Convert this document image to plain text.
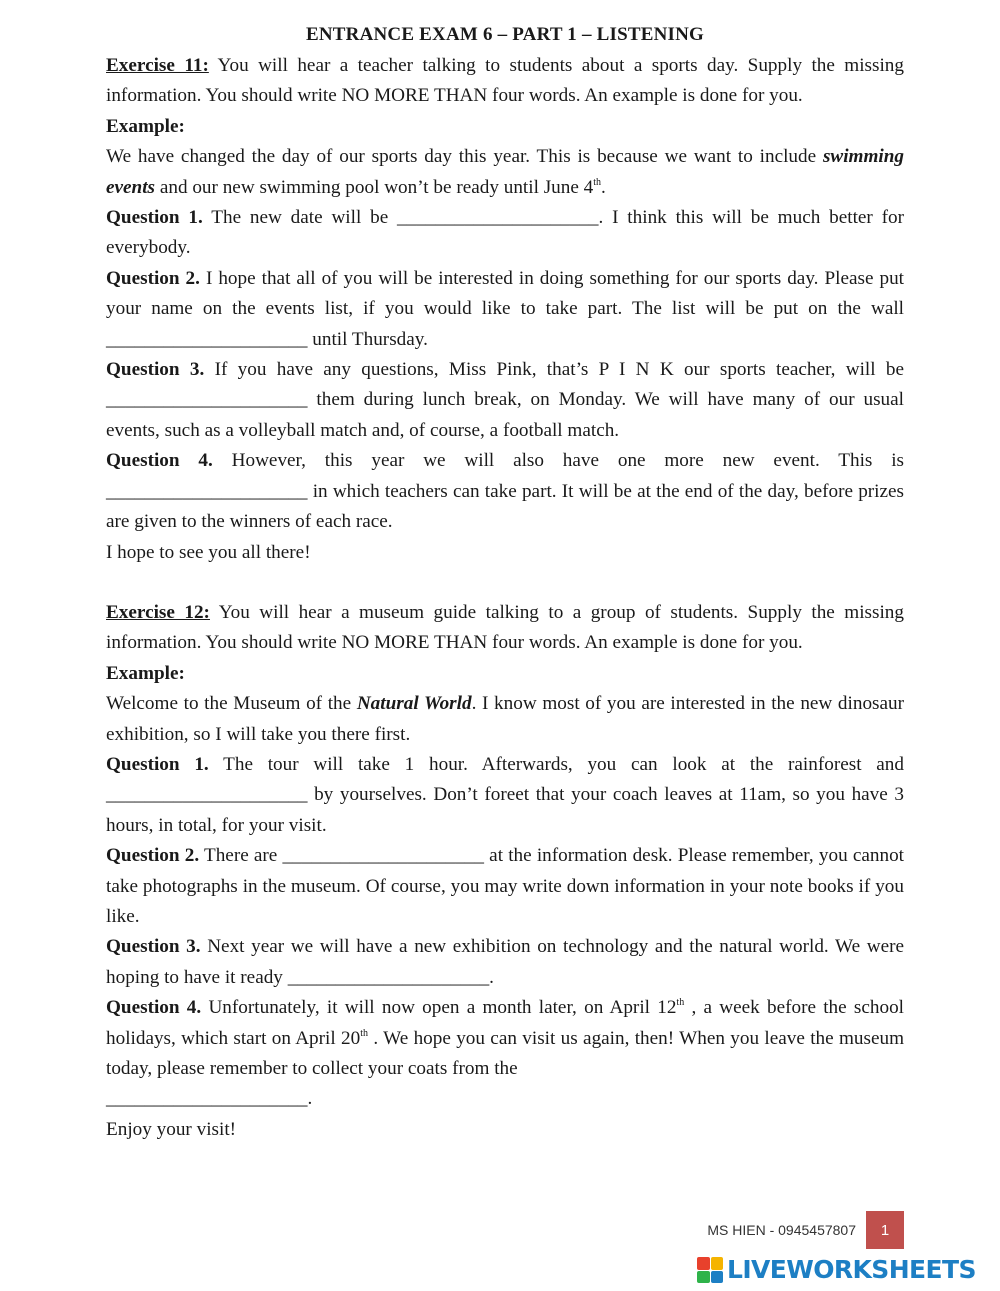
ENTRANCE EXAM 6 – PART 1 – LISTENING

Exercise 11: You will hear a teacher talking to students about a sports day. Supply the missing information. You should write NO MORE THAN four words. An example is done for you.

Example:

We have changed the day of our sports day this year. This is because we want to include swimming events and our new swimming pool won’t be ready until June 4th.

Question 1. The new date will be _____________________. I think this will be much better for everybody.

Question 2. I hope that all of you will be interested in doing something for our sports day. Please put your name on the events list, if you would like to take part. The list will be put on the wall _____________________ until Thursday.

Question 3. If you have any questions, Miss Pink, that’s P I N K our sports teacher, will be _____________________ them during lunch break, on Monday. We will have many of our usual events, such as a volleyball match and, of course, a football match.

Question 4. However, this year we will also have one more new event. This is _____________________ in which teachers can take part. It will be at the end of the day, before prizes are given to the winners of each race.

I hope to see you all there!

Exercise 12: You will hear a museum guide talking to a group of students. Supply the missing information. You should write NO MORE THAN four words. An example is done for you.

Example:

Welcome to the Museum of the Natural World. I know most of you are interested in the new dinosaur exhibition, so I will take you there first.

Question 1. The tour will take 1 hour. Afterwards, you can look at the rainforest and _____________________ by yourselves. Don’t foreet that your coach leaves at 11am, so you have 3 hours, in total, for your visit.

Question 2. There are _____________________ at the information desk. Please remember, you cannot take photographs in the museum. Of course, you may write down information in your note books if you like.

Question 3. Next year we will have a new exhibition on technology and the natural world. We were hoping to have it ready _____________________.

Question 4. Unfortunately, it will now open a month later, on April 12th , a week before the school holidays, which start on April 20th . We hope you can visit us again, then! When you leave the museum today, please remember to collect your coats from the

_____________________.

Enjoy your visit!

MS HIEN - 0945457807	1
LIVEWORKSHEETS
